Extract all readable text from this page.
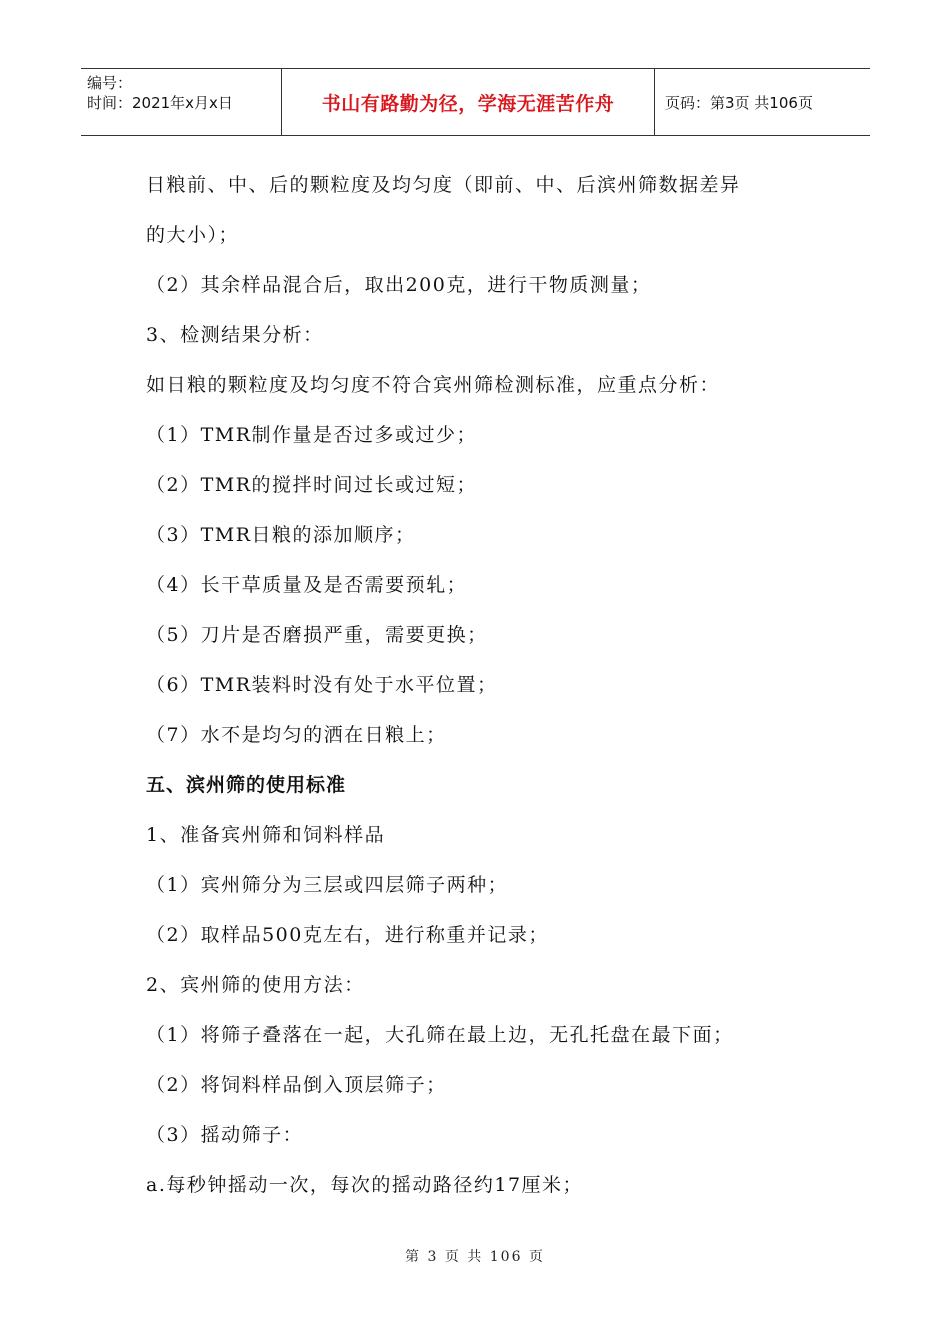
编号：
时间：2021年x月x日	书山有路勤为径，学海无涯苦作舟	页码：第3页 共106页
日粮前、中、后的颗粒度及均匀度（即前、中、后滨州筛数据差异
的大小）；
（2）其余样品混合后，取出200克，进行干物质测量；
3、检测结果分析：
如日粮的颗粒度及均匀度不符合宾州筛检测标准，应重点分析：
（1）TMR制作量是否过多或过少；
（2）TMR的搅拌时间过长或过短；
（3）TMR日粮的添加顺序；
（4）长干草质量及是否需要预轧；
（5）刀片是否磨损严重，需要更换；
（6）TMR装料时没有处于水平位置；
（7）水不是均匀的洒在日粮上；
五、滨州筛的使用标准
1、准备宾州筛和饲料样品
（1）宾州筛分为三层或四层筛子两种；
（2）取样品500克左右，进行称重并记录；
2、宾州筛的使用方法：
（1）将筛子叠落在一起，大孔筛在最上边，无孔托盘在最下面；
（2）将饲料样品倒入顶层筛子；
（3）摇动筛子：
a.每秒钟摇动一次，每次的摇动路径约17厘米；
第 3 页 共 106 页
